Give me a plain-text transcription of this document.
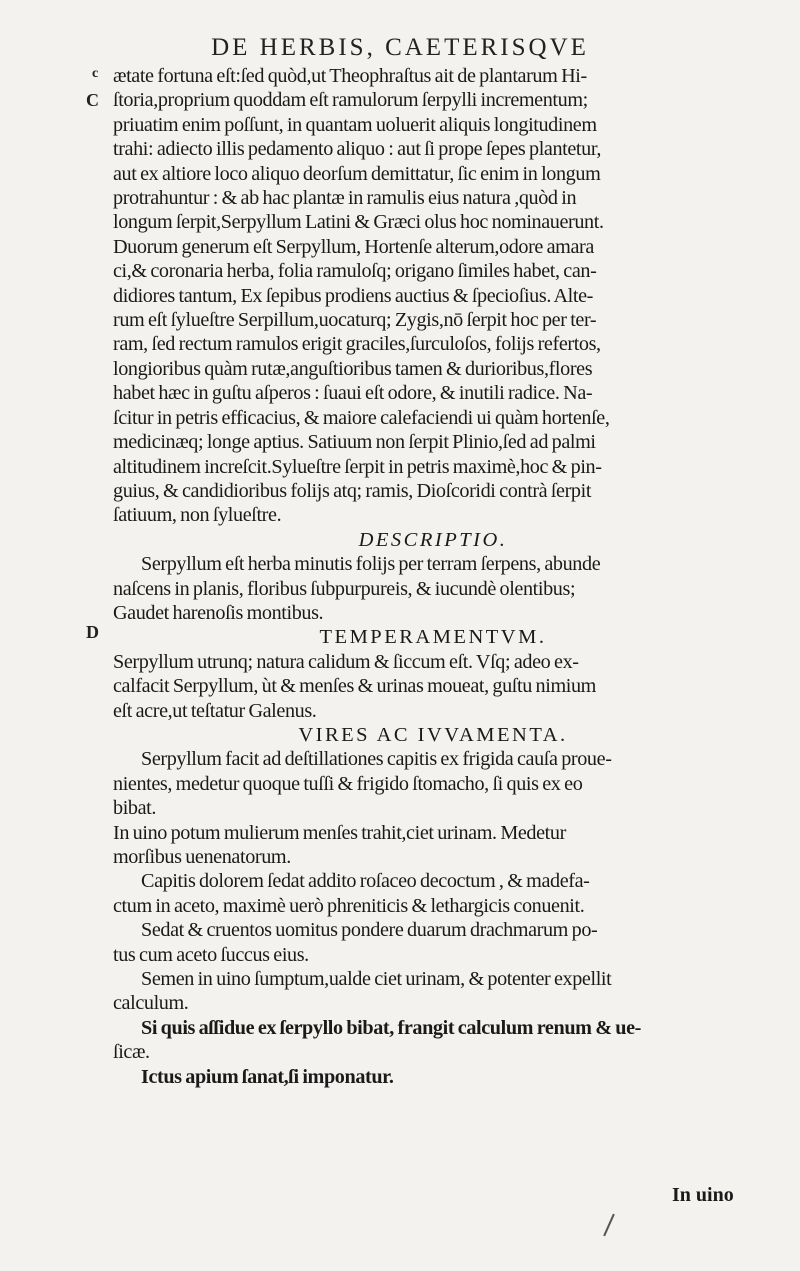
DE HERBIS, CAETERISQVE
c
C
D
ætate fortuna eſt:ſed quòd,ut Theophraſtus ait de plantarum Hi-
ſtoria,proprium quoddam eſt ramulorum ſerpylli incrementum;
priuatim enim poſſunt, in quantam uoluerit aliquis longitudinem
trahi: adiecto illis pedamento aliquo : aut ſi prope ſepes plantetur,
aut ex altiore loco aliquo deorſum demittatur, ſic enim in longum
protrahuntur : & ab hac plantæ in ramulis eius natura ,quòd in
longum ſerpit,Serpyllum Latini & Græci olus hoc nominauerunt.
Duorum generum eſt Serpyllum, Hortenſe alterum,odore amara
ci,& coronaria herba, folia ramuloſq; origano ſimiles habet, can-
didiores tantum, Ex ſepibus prodiens auctius & ſpecioſius. Alte-
rum eſt ſylueſtre Serpillum,uocaturq; Zygis,nō ſerpit hoc per ter-
ram, ſed rectum ramulos erigit graciles,ſurculoſos, folijs refertos,
longioribus quàm rutæ,anguſtioribus tamen & durioribus,flores
habet hæc in guſtu aſperos : ſuaui eſt odore, & inutili radice. Na-
ſcitur in petris efficacius, & maiore calefaciendi ui quàm hortenſe,
medicinæq; longe aptius. Satiuum non ſerpit Plinio,ſed ad palmi
altitudinem increſcit.Sylueſtre ſerpit in petris maximè,hoc & pin-
guius, & candidioribus folijs atq; ramis, Dioſcoridi contrà ſerpit
ſatiuum, non ſylueſtre.
DESCRIPTIO.
Serpyllum eſt herba minutis folijs per terram ſerpens, abunde
naſcens in planis, floribus ſubpurpureis, & iucundè olentibus;
Gaudet harenoſis montibus.
TEMPERAMENTVM.
Serpyllum utrunq; natura calidum & ſiccum eſt. Vſq; adeo ex-
calfacit Serpyllum, ùt & menſes & urinas moueat, guſtu nimium
eſt acre,ut teſtatur Galenus.
VIRES AC IVVAMENTA.
Serpyllum facit ad deſtillationes capitis ex frigida cauſa proue-
nientes, medetur quoque tuſſi & frigido ſtomacho, ſi quis ex eo
bibat.
In uino potum mulierum menſes trahit,ciet urinam. Medetur
morſibus uenenatorum.
Capitis dolorem ſedat addito roſaceo decoctum , & madefa-
ctum in aceto, maximè uerò phreniticis & lethargicis conuenit.
Sedat & cruentos uomitus pondere duarum drachmarum po-
tus cum aceto ſuccus eius.
Semen in uino ſumptum,ualde ciet urinam, & potenter expellit
calculum.
Si quis aſſidue ex ſerpyllo bibat, frangit calculum renum & ue-
ſicæ.
Ictus apium ſanat,ſi imponatur.
In uino
